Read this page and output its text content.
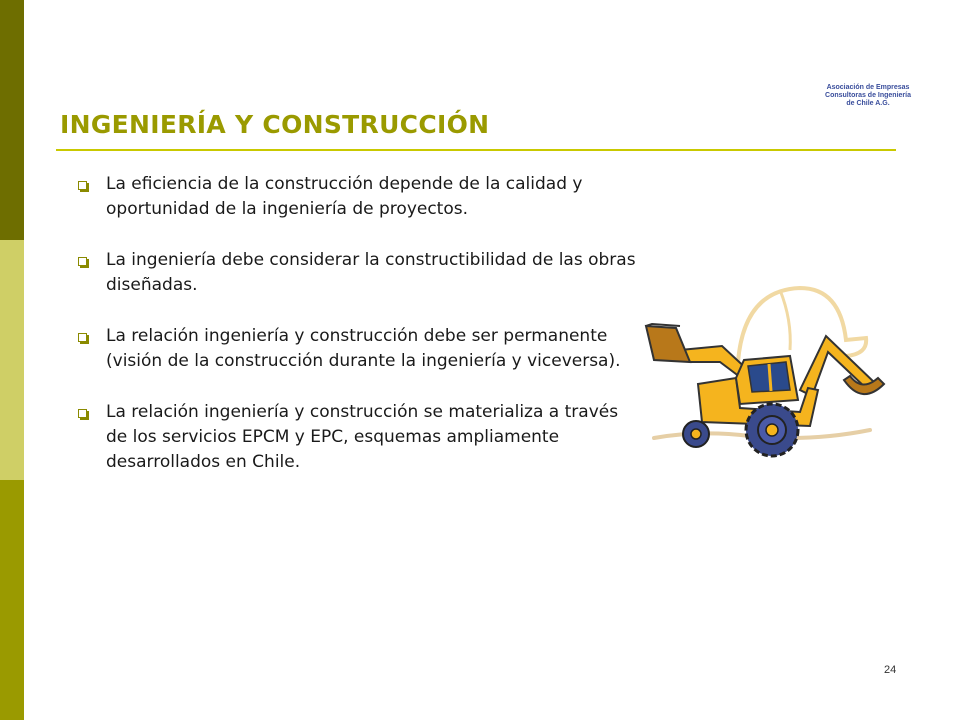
Asociación de Empresas
Consultoras de Ingeniería
de Chile A.G.
INGENIERÍA Y CONSTRUCCIÓN
La eficiencia de la construcción depende de la calidad y oportunidad de la ingeniería de proyectos.
La ingeniería debe considerar la constructibilidad de las obras diseñadas.
La relación ingeniería y construcción debe ser permanente (visión de la construcción durante la ingeniería y viceversa).
La relación ingeniería y construcción se materializa a través de los servicios EPCM y EPC, esquemas ampliamente desarrollados en Chile.
24
